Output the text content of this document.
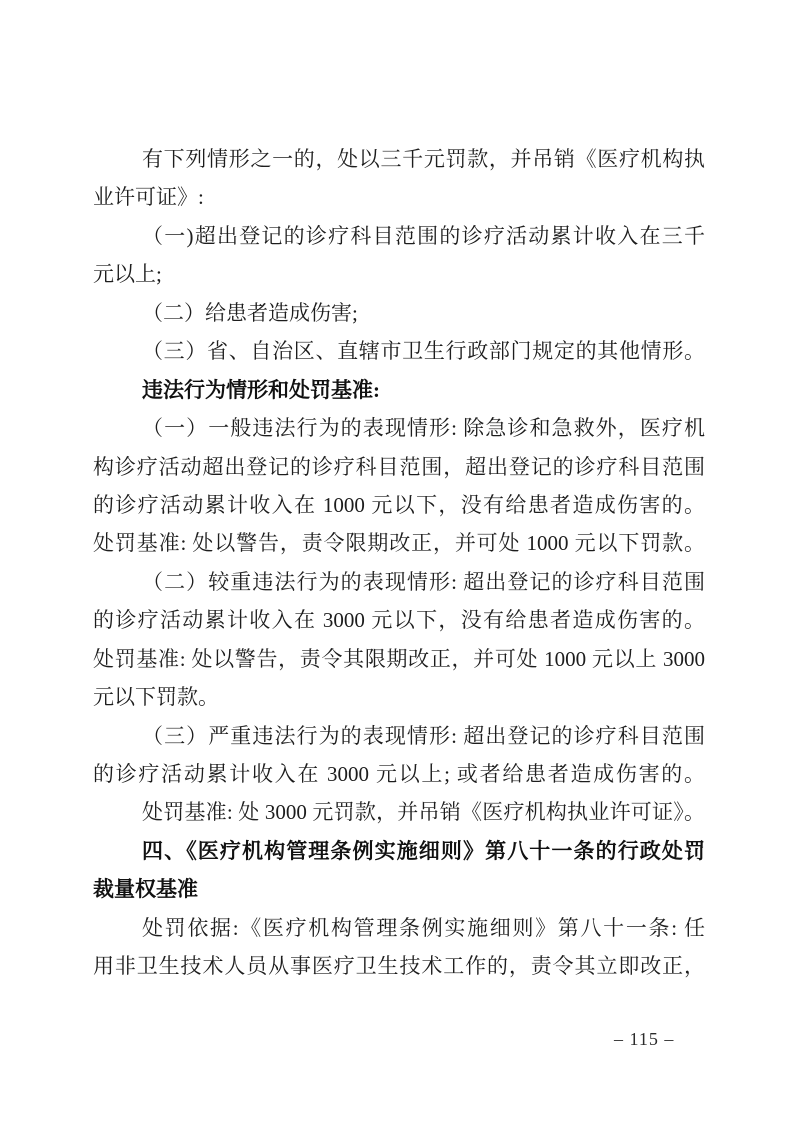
有下列情形之一的，处以三千元罚款，并吊销《医疗机构执
业许可证》:
（一)超出登记的诊疗科目范围的诊疗活动累计收入在三千
元以上;
（二）给患者造成伤害;
（三）省、自治区、直辖市卫生行政部门规定的其他情形。
违法行为情形和处罚基准:
（一）一般违法行为的表现情形: 除急诊和急救外，医疗机
构诊疗活动超出登记的诊疗科目范围，超出登记的诊疗科目范围
的诊疗活动累计收入在 1000 元以下，没有给患者造成伤害的。
处罚基准: 处以警告，责令限期改正，并可处 1000 元以下罚款。
（二）较重违法行为的表现情形: 超出登记的诊疗科目范围
的诊疗活动累计收入在 3000 元以下，没有给患者造成伤害的。
处罚基准: 处以警告，责令其限期改正，并可处 1000 元以上 3000
元以下罚款。
（三）严重违法行为的表现情形: 超出登记的诊疗科目范围
的诊疗活动累计收入在 3000 元以上; 或者给患者造成伤害的。
处罚基准: 处 3000 元罚款，并吊销《医疗机构执业许可证》。
四、《医疗机构管理条例实施细则》第八十一条的行政处罚
裁量权基准
处罚依据:《医疗机构管理条例实施细则》第八十一条: 任
用非卫生技术人员从事医疗卫生技术工作的，责令其立即改正，
– 115 –
